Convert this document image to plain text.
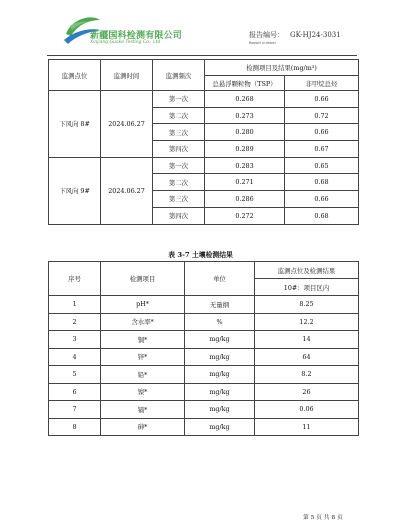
新疆国科检测有限公司
Xinjiang Guoke Testing Co., Ltd
报告编号： GK-HJ24-3031
Report number
监测点位	监测时间	监测频次	检测项目及结果(mg/m³)	
			总悬浮颗粒物（TSP）	非甲烷总烃
下风向 8#	2024.06.27	第一次	0.268	0.66
		第二次	0.273	0.72
		第三次	0.280	0.66
		第四次	0.289	0.67
下风向 9#	2024.06.27	第一次	0.283	0.65
		第二次	0.271	0.68
		第三次	0.286	0.66
		第四次	0.272	0.68
表 3-7 土壤检测结果
序号	检测项目	单位	监测点位及检测结果
			10#：项目区内
1	pH*	无量纲	8.25
2	含水率*	%	12.2
3	铜*	mg/kg	14
4	锌*	mg/kg	64
5	铅*	mg/kg	8.2
6	镍*	mg/kg	26
7	镉*	mg/kg	0.06
8	砷*	mg/kg	11
第 5 页 共 8 页
